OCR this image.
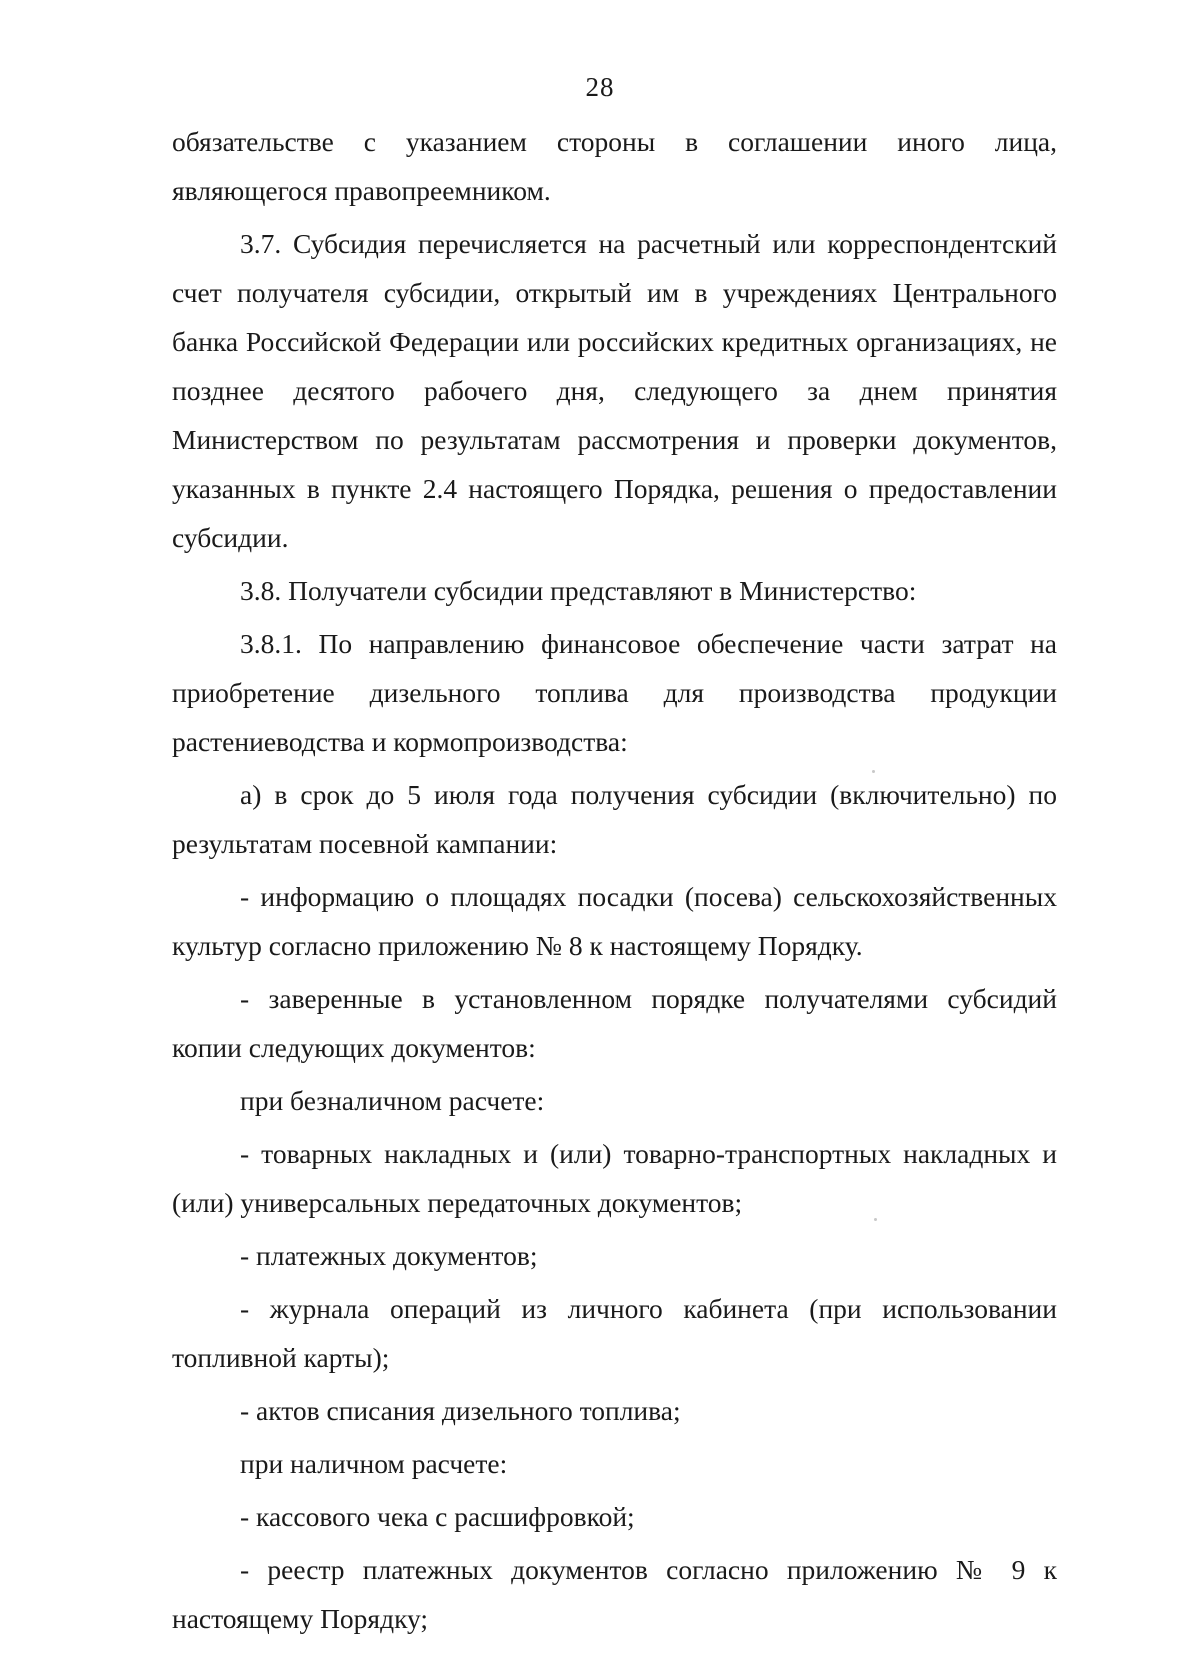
28

обязательстве с указанием стороны в соглашении иного лица, являющегося правопреемником.

3.7. Субсидия перечисляется на расчетный или корреспондентский счет получателя субсидии, открытый им в учреждениях Центрального банка Российской Федерации или российских кредитных организациях, не позднее десятого рабочего дня, следующего за днем принятия Министерством по результатам рассмотрения и проверки документов, указанных в пункте 2.4 настоящего Порядка, решения о предоставлении субсидии.

3.8. Получатели субсидии представляют в Министерство:

3.8.1. По направлению финансовое обеспечение части затрат на приобретение дизельного топлива для производства продукции растениеводства и кормопроизводства:

а) в срок до 5 июля года получения субсидии (включительно) по результатам посевной кампании:

- информацию о площадях посадки (посева) сельскохозяйственных культур согласно приложению № 8 к настоящему Порядку.

- заверенные в установленном порядке получателями субсидий копии следующих документов:

при безналичном расчете:

- товарных накладных и (или) товарно-транспортных накладных и (или) универсальных передаточных документов;

- платежных документов;

- журнала операций из личного кабинета (при использовании топливной карты);

- актов списания дизельного топлива;

при наличном расчете:

- кассового чека с расшифровкой;

- реестр платежных документов согласно приложению № 9 к настоящему Порядку;
